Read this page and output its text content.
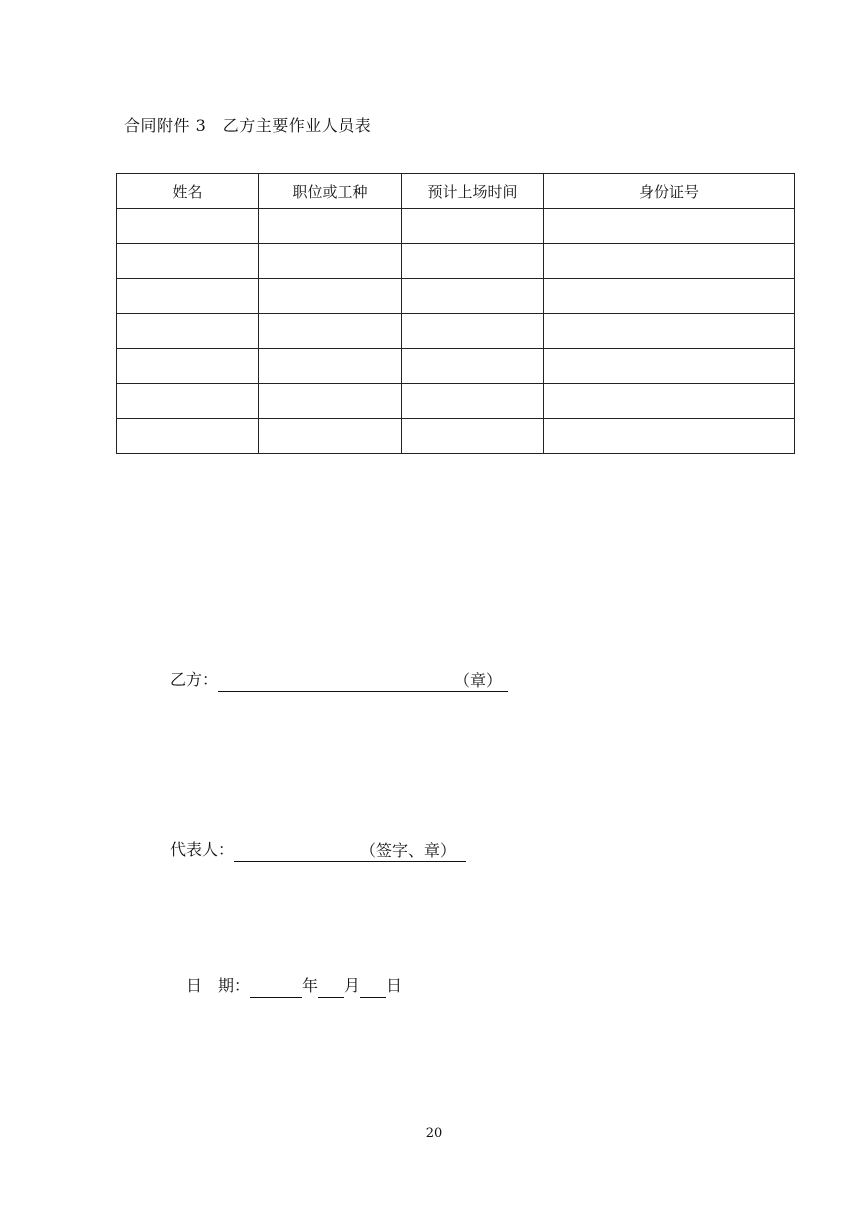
合同附件 3　乙方主要作业人员表
姓名	职位或工种	预计上场时间	身份证号

乙方：	（章）
代表人：	（签字、章）
日　期：	年 月 日
20
